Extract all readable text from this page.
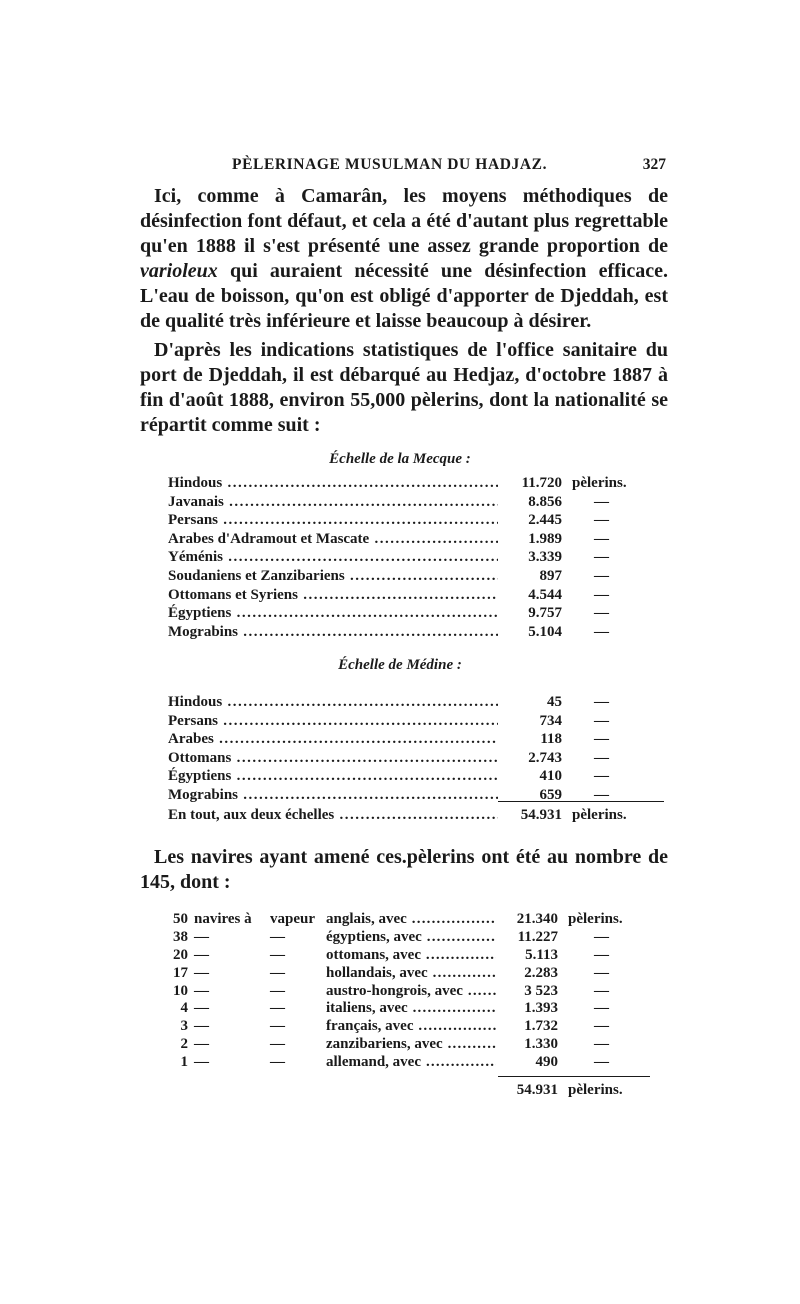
PÈLERINAGE MUSULMAN DU HADJAZ.	327
Ici, comme à Camarân, les moyens méthodiques de désinfection font défaut, et cela a été d'autant plus regrettable qu'en 1888 il s'est présenté une assez grande proportion de varioleux qui auraient nécessité une désinfection efficace. L'eau de boisson, qu'on est obligé d'apporter de Djeddah, est de qualité très inférieure et laisse beaucoup à désirer.
D'après les indications statistiques de l'office sanitaire du port de Djeddah, il est débarqué au Hedjaz, d'octobre 1887 à fin d'août 1888, environ 55,000 pèlerins, dont la nationalité se répartit comme suit :
Échelle de la Mecque :
Hindous .....	11.720 pèlerins.
Javanais .....	8.856 —
Persans .....	2.445 —
Arabes d'Adramout et Mascate .....	1.989 —
Yéménis .....	3.339 —
Soudaniens et Zanzibariens .....	897 —
Ottomans et Syriens .....	4.544 —
Égyptiens .....	9.757 —
Mograbins .....	5.104 —
Échelle de Médine :
Hindous .....	45 —
Persans .....	734 —
Arabes .....	118 —
Ottomans .....	2.743 —
Égyptiens .....	410 —
Mograbins .....	659 —
En tout, aux deux échelles .....	54.931 pèlerins.
Les navires ayant amené ces.pèlerins ont été au nombre de 145, dont :
50 navires à vapeur anglais, avec .....	21.340 pèlerins.
38 —	—	égyptiens, avec .....	11.227 —
20 —	—	ottomans, avec .....	5.113 —
17 —	—	hollandais, avec .....	2.283 —
10 —	—	austro-hongrois, avec .....	3 523 —
4 —	—	italiens, avec .....	1.393 —
3 —	—	français, avec .....	1.732 —
2 —	—	zanzibariens, avec .....	1.330 —
1 —	—	allemand, avec .....	490 —
54.931 pèlerins.
